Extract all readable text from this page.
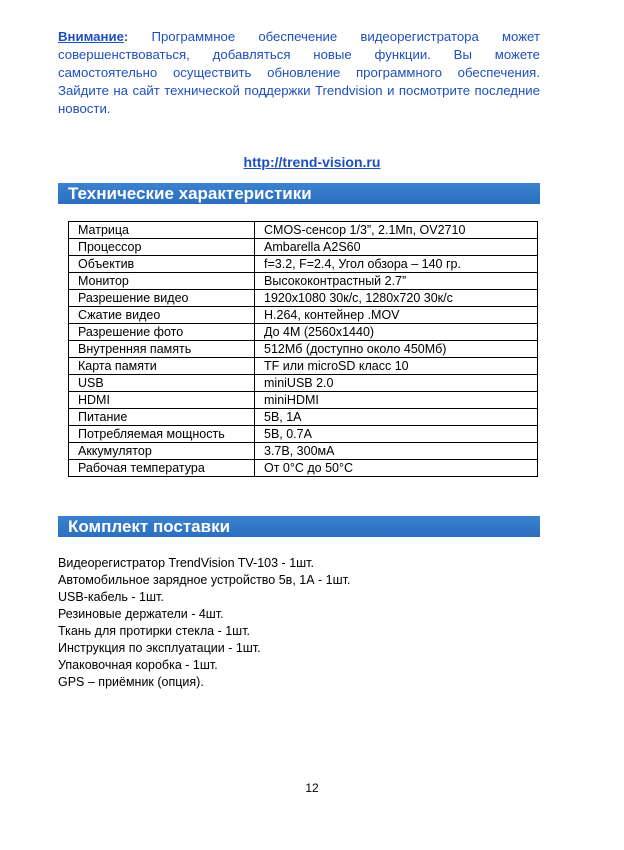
Внимание: Программное обеспечение видеорегистратора может совершенствоваться, добавляться новые функции. Вы можете самостоятельно осуществить обновление программного обеспечения. Зайдите на сайт технической поддержки Trendvision и посмотрите последние новости.
http://trend-vision.ru
Технические характеристики
Матрица	CMOS-сенсор 1/3”, 2.1Мп, OV2710
Процессор	Ambarella A2S60
Объектив	f=3.2, F=2.4, Угол обзора – 140 гр.
Монитор	Высококонтрастный 2.7”
Разрешение видео	1920x1080 30к/с, 1280x720 30к/с
Сжатие видео	H.264, контейнер .MOV
Разрешение фото	До 4М (2560x1440)
Внутренняя память	512Мб (доступно около 450Мб)
Карта памяти	TF или microSD класс 10
USB	miniUSB 2.0
HDMI	miniHDMI
Питание	5В, 1А
Потребляемая мощность	5В, 0.7А
Аккумулятор	3.7В, 300мА
Рабочая температура	От 0°С до 50°С
Комплект поставки
Видеорегистратор TrendVision TV-103 - 1шт.
Автомобильное зарядное устройство 5в, 1А - 1шт.
USB-кабель - 1шт.
Резиновые держатели - 4шт.
Ткань для протирки стекла - 1шт.
Инструкция по эксплуатации - 1шт.
Упаковочная коробка - 1шт.
GPS – приёмник (опция).
12
